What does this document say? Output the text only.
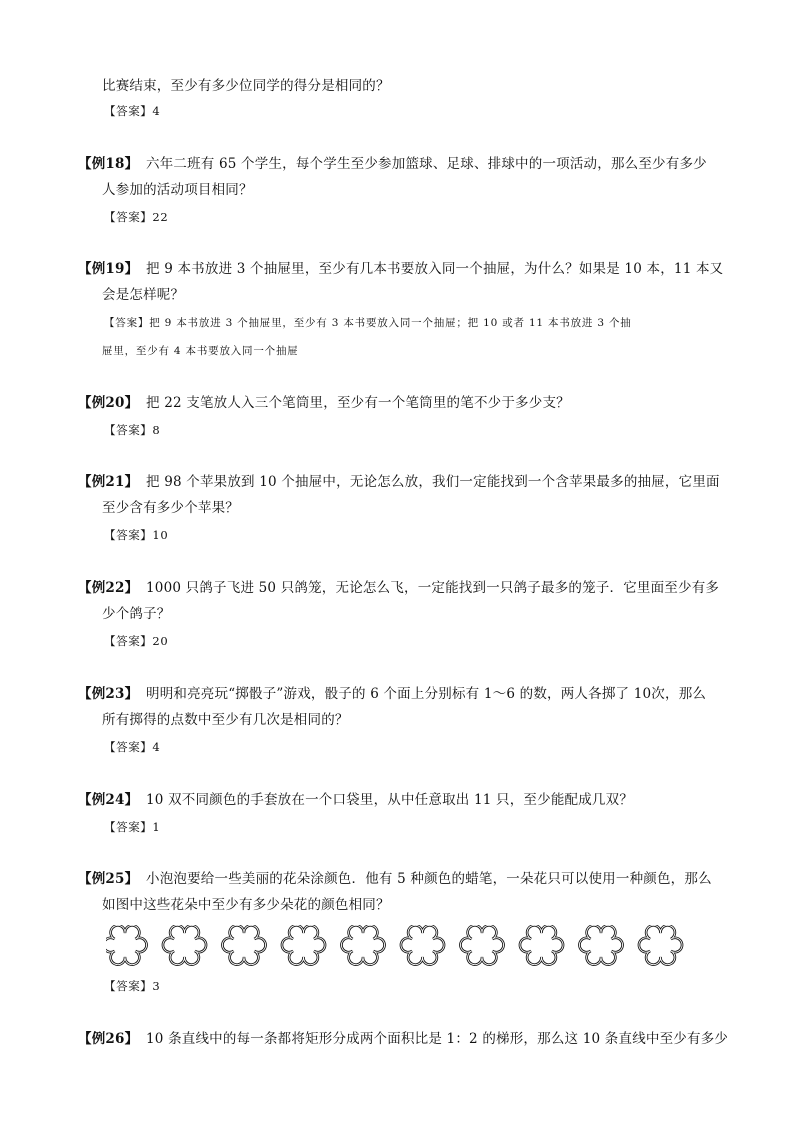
比赛结束，至少有多少位同学的得分是相同的？
【答案】4
【例18】 六年二班有 65 个学生，每个学生至少参加篮球、足球、排球中的一项活动，那么至少有多少
人参加的活动项目相同？
【答案】22
【例19】 把 9 本书放进 3 个抽屉里，至少有几本书要放入同一个抽屉，为什么？如果是 10 本，11 本又
会是怎样呢？
【答案】把 9 本书放进 3 个抽屉里，至少有 3 本书要放入同一个抽屉；把 10 或者 11 本书放进 3 个抽
屉里，至少有 4 本书要放入同一个抽屉
【例20】 把 22 支笔放人入三个笔筒里，至少有一个笔筒里的笔不少于多少支？
【答案】8
【例21】 把 98 个苹果放到 10 个抽屉中，无论怎么放，我们一定能找到一个含苹果最多的抽屉，它里面
至少含有多少个苹果？
【答案】10
【例22】 1000 只鸽子飞进 50 只鸽笼，无论怎么飞，一定能找到一只鸽子最多的笼子．它里面至少有多
少个鸽子？
【答案】20
【例23】 明明和亮亮玩“掷骰子”游戏，骰子的 6 个面上分别标有 1～6 的数，两人各掷了 10次，那么
所有掷得的点数中至少有几次是相同的？
【答案】4
【例24】 10 双不同颜色的手套放在一个口袋里，从中任意取出 11 只，至少能配成几双？
【答案】1
【例25】 小泡泡要给一些美丽的花朵涂颜色．他有 5 种颜色的蜡笔，一朵花只可以使用一种颜色，那么
如图中这些花朵中至少有多少朵花的颜色相同？
【答案】3
【例26】 10 条直线中的每一条都将矩形分成两个面积比是 1：2 的梯形，那么这 10 条直线中至少有多少
